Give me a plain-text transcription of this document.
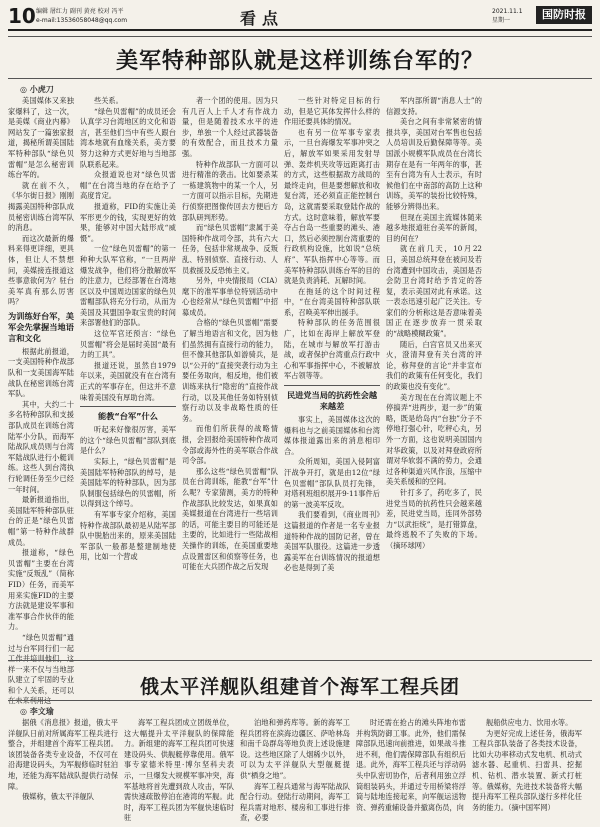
10 编辑 屠红力 副刊 黄亮 校对 冯平
e-mail:13536058048@qq.com	看点	2021.11.1
星期一	国防时报
美军特种部队就是这样训练台军的？
◎ 小虎刀

美国媒体又来独家爆料了，这一次，是美媒《商业内幕》网站发了一篇独家报道，揭秘所谓美国陆军特种部队“绿色贝雷帽”是怎么秘密训练台军的。

就在前不久，《华尔街日报》刚刚揭露美国特种部队成员秘密训练台湾军队的消息。

而这次最新的爆料来得更详细，更具体，但让人不禁想问，美媒接连报道这些事意欲何为？驻台美军真有那么厉害吗？

为训练好台军，美军会先掌握当地语言和文化

根据此前报道，一支美国特种作战部队和一支美国海军陆战队在秘密训练台湾军队。

其中，大约二十多名特种部队和支援部队成员在训练台湾陆军小分队，而海军陆战队成员则与台湾军陆战队进行小艇训练。这些人到台湾执行轮调任务至少已经一年时间。

最新报道指出，美国陆军特种部队驻台的正是“绿色贝雷帽”第一特种作战群成员。

报道称，“绿色贝雷帽”主要在台湾实施“反叛乱”（简称FID）任务，而美军用来实施FID的主要方法就是建设军事和准军事合作伙伴的能力。

“绿色贝雷帽”通过与台军同行们一起工作并培训他们，这样一来不仅与当地部队建立了牢固的专业和个人关系，还可以在未来利用这

些关系。

“绿色贝雷帽”的成员还会认真学习台湾地区的文化和语言，甚至他们当中有些人跟台湾本地就有血缘关系，美方要努力这种方式更好地与当地部队联系起来。

众报道说也对“绿色贝雷帽”在台湾当地的存在给予了高度肯定。

报道称，FID的实施让美军形更少的钱，实现更好的效果，能够对中国大陆形成“威慑”。

一位“绿色贝雷帽”的第一种种大队军官称，“一旦两岸爆发战争，他们将分散解放军的注意力，已经部署在台湾地区以及中国周边国家的绿色贝雷帽部队将充分行动，从而为美国及其盟国争取宝贵的时间来部署他们的部队。

这位军官还预言：“绿色贝雷帽”将会是届时美国“最有力的工具”。

报道还说，虽然自1979年以来，美国就没有在台湾有正式的军事存在，但这并不意味着美国没有厚助台湾。

能教“台军”什么

听起来好像很厉害，美军的这个“绿色贝雷帽”部队到底是什么？

实际上，“绿色贝雷帽”是美国陆军特种部队的绰号，是美国陆军的特种部队，因为部队制服包括绿色的贝雷帽，所以得到这个绰号。

有军事专家介绍称，美国特种作战部队最初是从陆军部队中脱胎出来的，原来美国陆军部队一般都是整建制地使用，比如一个营或

者一个团的使用。因为只有几百人上千人才有作战力量，但是随着技术水平的进步，单独一个人经过武器装备的有效配合，而且技术力量强。

特种作战部队一方面可以进行精准的袭击。比如要杀某一栋建筑物中的某一个人，另一方面可以指示目标，先期进行侦察把图像传回去方便后方部队研判形势。

而“绿色贝雷帽”隶属于美国特种作战司令部，共有六大任务，包括非常规战争、反叛乱、特别侦察、直接行动、人员救援及反恐怖主义。

另外，中央情报局（CIA）麾下的准军事单位特别活动中心也经常从“绿色贝雷帽”中招募成员。

合格的“绿色贝雷帽”需要了解当地语言和文化，因为他们虽然拥有直接行动的能力，但不像其他部队如游骑兵，是以“公开的”直接突袭行动为主要任务取向，相反地，他们被训练来执行“隐密的”直接作战行动，以及其他任务如特别侦察行动以及非战略性质的任务。

而他们所获得的战略情报，会回报给美国特种作战司令部或海外性的美军联合作战司令部。

那么这些“绿色贝雷帽”队员在台湾训练，能教“台军”什么呢？专家猜测，美方的特种作战部队比较发达，如果真如美媒报道在台湾进行一些培训的话，可能主要目的可能还是主要的，比如进行一些陆战相关操作的训练，在美国重要地点设置雷区和侦察等任务，也可能在大兵团作战之后发现

一些针对特定目标的行动，但是它其体发挥什么样的作用还要具体的情况。

也有另一位军事专家表示，一旦台海爆发军事冲突之后，解放军如果采用发射导弹、轰炸机夹攻等远距离打击的方式，这些根据敌方战局的最终走向，但是要想解放和收复台湾，还必须直正能控制台岛，这就需要采取登陆作战的方式。这时意味着，解放军要夺占台岛一些重要的滩头、港口，然后必须控制台湾重要的行政机构设施，比如说“总统府”、军队指挥中心等等。而美军特种部队训练台军的目的就是负责消耗、瓦解时间。

在拖延的这个时间过程中，“在台湾美国特种部队联系，召唤美军伸出援手。

特种部队的任务范围很广，比如在海岸上解放军登陆，在城市与解放军打游击战，或者保护台湾重点行政中心和军事指挥中心，不被解放军占领等等。

民进党当局的抗药性会越来越差

事实上，美国媒体这次的爆料也与之前美国媒体和台湾媒体报道露出来的消息相印合。

众所周知，美国入侵阿富汗战争开打，就是由12位“绿色贝雷帽”部队队员打先锋，对塔利班组织展开9·11事件后的第一波美军反攻。

我们要看到，《商业周刊》这篇报道的作者是一名专业报道特种作战的国防记者，曾在美国军队服役。这篇进一步透露美军在台训练情况的报道想必也是得到了美

军内部所谓“消息人士”的信源支持。

美台之间有非常紧密的情报共享，美国对台军售也包括人员培训及后勤保障等等。美国派小规模军队成员在台湾长期存在是有一年两年的事，甚至有台湾为有人士表示，有时候他们在中南部的高防上这种训练，美军的装扮比较特殊，能够分辨得出来。

但现在美国主流媒体随来越多地报道驻台美军的新闻，目的何在？

就在前几天，10月22日，美国总统拜登在被问及若台湾遭到中国攻击，美国是否会防卫台湾时给予肯定的答复，表示美国对此有承诺。这一表态迅速引起广泛关注。专家们的分析称这是否意味着美国正在逐步放弃一贯采取的“战略模糊政策”。

随后，白宫官员又出来灭火，澄清拜登有关台湾的评论，称拜登的言论“并非宣布我们的政策有任何变化，我们的政策也没有变化”。

美方现在在台湾议题上不停搞弄“进两步，退一步”的策略，既是给岛内“台独”分子不停地打强心针，吃秤心丸，另外一方面，这也说明美国国内对华政策，以及对拜登政府所谓对华软弱不满的势力，会通过各种渠道兴风作浪，压缩中美关系缓和的空间。

针打多了，药吃多了，民进党当局的抗药性只会越来越差，民进党当局，连同外部势力“以武拒统”，是打错算盘，最终逃脱不了失败的下场。（摘环球网）

俄太平洋舰队组建首个海军工程兵团
◎ 李文瑜

据俄《消息报》报道，俄太平洋舰队日前对所属海军工程兵进行整合，并组建首个海军工程兵团。该团装备各类专业设备，不仅可在沿海建设码头，为军舰修临时驻泊地，还能为海军陆战队提供行动保障。

俄媒称，俄太平洋舰队

海军工程兵团成立团级单位，这大幅提升太平洋舰队的保障能力。新组建的海军工程兵团可快速建设码头、供舰艇停靠使用。俄军事专家德米特里·博尔坚科夫表示，一旦爆发大规模军事冲突，海军基地将首先遭到敌人攻击，军队需快速疏散停泊在港湾的军舰。此时，海军工程兵团为军舰快速临时驻

泊地和弹药库等。新的海军工程兵团将在滨海边疆区、萨哈林岛和南千岛群岛等地负责上述设施建设。这些地区除了人烟稀少以外，可以为太平洋舰队大型舰艇提供“栖身之地”。

海军工程兵通常与海军陆战队配合行动。登陆行动期间，海军工程兵需对地形、楼房和工事进行排查，必要

时还需在抢占的滩头阵地布雷并构筑防御工事。此外，他们需保障部队迅速向前推进，如果战斗推进不利，他们需保障部队有组织后退。此外，海军工程兵还与浮动码头中队密切协作，后者利用独立浮筒组装码头，并通过专用桥梁将浮筒与陆地连接起来，向军舰运送物资、弹药重辅设备并撤离伤员，向

舰船供应电力、饮用水等。

为更好完成上述任务，俄海军工程兵部队装备了各类技术设备，比如大功率移动式发电机、机动式滤水器、起重机、扫雷具、挖掘机、钻机、潜水装置、新式打桩等。俄媒称，先进技术装备将大幅提升海军工程兵部队遂行多样化任务的能力。（摘中国军网）
